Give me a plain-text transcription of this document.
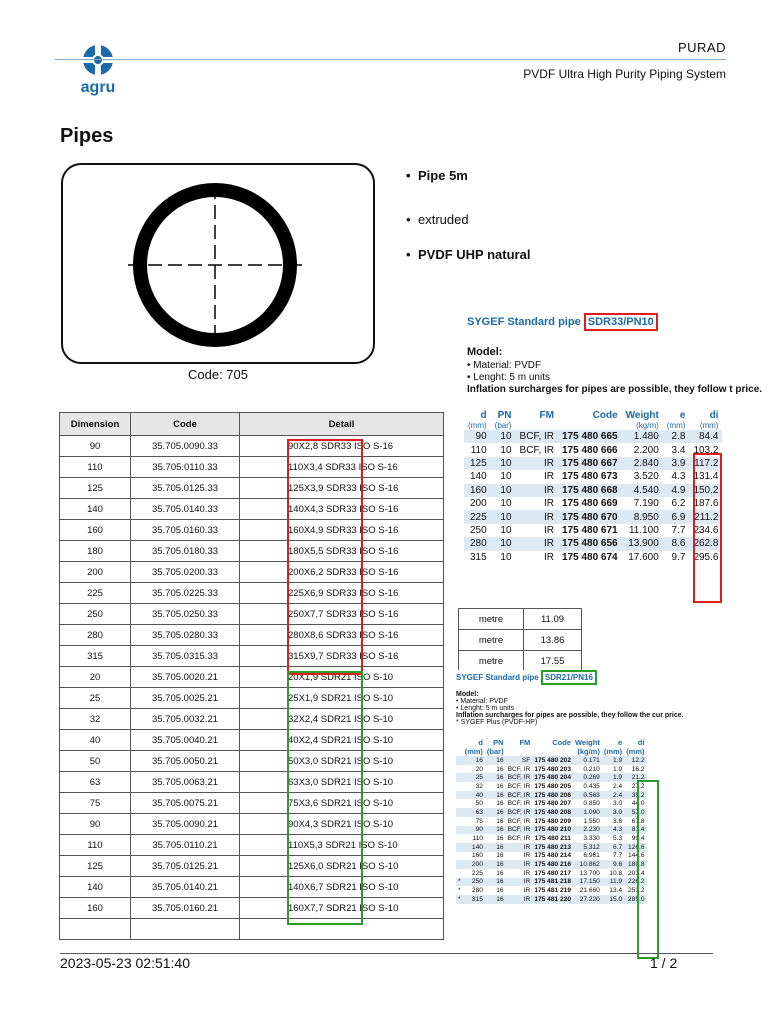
agru
PURAD
PVDF Ultra High Purity Piping System
Pipes
Code: 705
• Pipe 5m
• extruded
• PVDF UHP natural
Dimension	Code	Detail
90	35.705.0090.33	90X2,8 SDR33 ISO S-16
110	35.705.0110.33	110X3,4 SDR33 ISO S-16
125	35.705.0125.33	125X3,9 SDR33 ISO S-16
140	35.705.0140.33	140X4,3 SDR33 ISO S-16
160	35.705.0160.33	160X4,9 SDR33 ISO S-16
180	35.705.0180.33	180X5,5 SDR33 ISO S-16
200	35.705.0200.33	200X6,2 SDR33 ISO S-16
225	35.705.0225.33	225X6,9 SDR33 ISO S-16
250	35.705.0250.33	250X7,7 SDR33 ISO S-16
280	35.705.0280.33	280X8,6 SDR33 ISO S-16
315	35.705.0315.33	315X9,7 SDR33 ISO S-16
20	35.705.0020.21	20X1,9 SDR21 ISO S-10
25	35.705.0025.21	25X1,9 SDR21 ISO S-10
32	35.705.0032.21	32X2,4 SDR21 ISO S-10
40	35.705.0040.21	40X2,4 SDR21 ISO S-10
50	35.705.0050.21	50X3,0 SDR21 ISO S-10
63	35.705.0063.21	63X3,0 SDR21 ISO S-10
75	35.705.0075.21	75X3,6 SDR21 ISO S-10
90	35.705.0090.21	90X4,3 SDR21 ISO S-10
110	35.705.0110.21	110X5,3 SDR21 ISO S-10
125	35.705.0125.21	125X6,0 SDR21 ISO S-10
140	35.705.0140.21	140X6,7 SDR21 ISO S-10
160	35.705.0160.21	160X7,7 SDR21 ISO S-10

metre	11.09
metre	13.86
metre	17.55
SYGEF Standard pipe SDR33/PN10
Model:
• Material: PVDF
• Lenght: 5 m units
Inflation surcharges for pipes are possible, they follow t price.
d	PN	FM	Code	Weight	e	di
(mm)	(bar)			(kg/m)	(mm)	(mm)
90	10	BCF, IR	175 480 665	1.480	2.8	84.4
110	10	BCF, IR	175 480 666	2.200	3.4	103.2
125	10	IR	175 480 667	2.840	3.9	117.2
140	10	IR	175 480 673	3.520	4.3	131.4
160	10	IR	175 480 668	4.540	4.9	150.2
200	10	IR	175 480 669	7.190	6.2	187.6
225	10	IR	175 480 670	8.950	6.9	211.2
250	10	IR	175 480 671	11.100	7.7	234.6
280	10	IR	175 480 656	13.900	8.6	262.8
315	10	IR	175 480 674	17.600	9.7	295.6
SYGEF Standard pipe SDR21/PN16
Model:
• Material: PVDF
• Lenght: 5 m units
Inflation surcharges for pipes are possible, they follow the cur price.
* SYGEF Plus (PVDF-HP)
	d	PN	FM	Code	Weight	e	di
	(mm)	(bar)			(kg/m)	(mm)	(mm)
	16	16	SF	175 480 202	0.171	1.9	12.2
	20	16	BCF, IR	175 480 203	0.210	1.9	16.2
	25	16	BCF, IR	175 480 204	0.269	1.9	21.2
	32	16	BCF, IR	175 480 205	0.435	2.4	27.2
	40	16	BCF, IR	175 480 206	0.563	2.4	35.2
	50	16	BCF, IR	175 480 207	0.850	3.0	44.0
	63	16	BCF, IR	175 480 208	1.090	3.0	57.0
	75	16	BCF, IR	175 480 209	1.550	3.6	67.8
	90	16	BCF, IR	175 480 210	2.230	4.3	81.4
	110	16	BCF, IR	175 480 211	3.330	5.3	99.4
	140	16	IR	175 480 213	5.312	6.7	126.6
	160	16	IR	175 480 214	6.961	7.7	144.6
	200	16	IR	175 480 216	10.862	9.6	180.8
	225	16	IR	175 480 217	13.700	10.8	203.4
*	250	16	IR	175 481 218	17.150	11.9	226.2
*	280	16	IR	175 481 219	21.660	13.4	253.2
*	315	16	IR	175 481 220	27.220	15.0	285.0
2023-05-23 02:51:40	1 / 2
